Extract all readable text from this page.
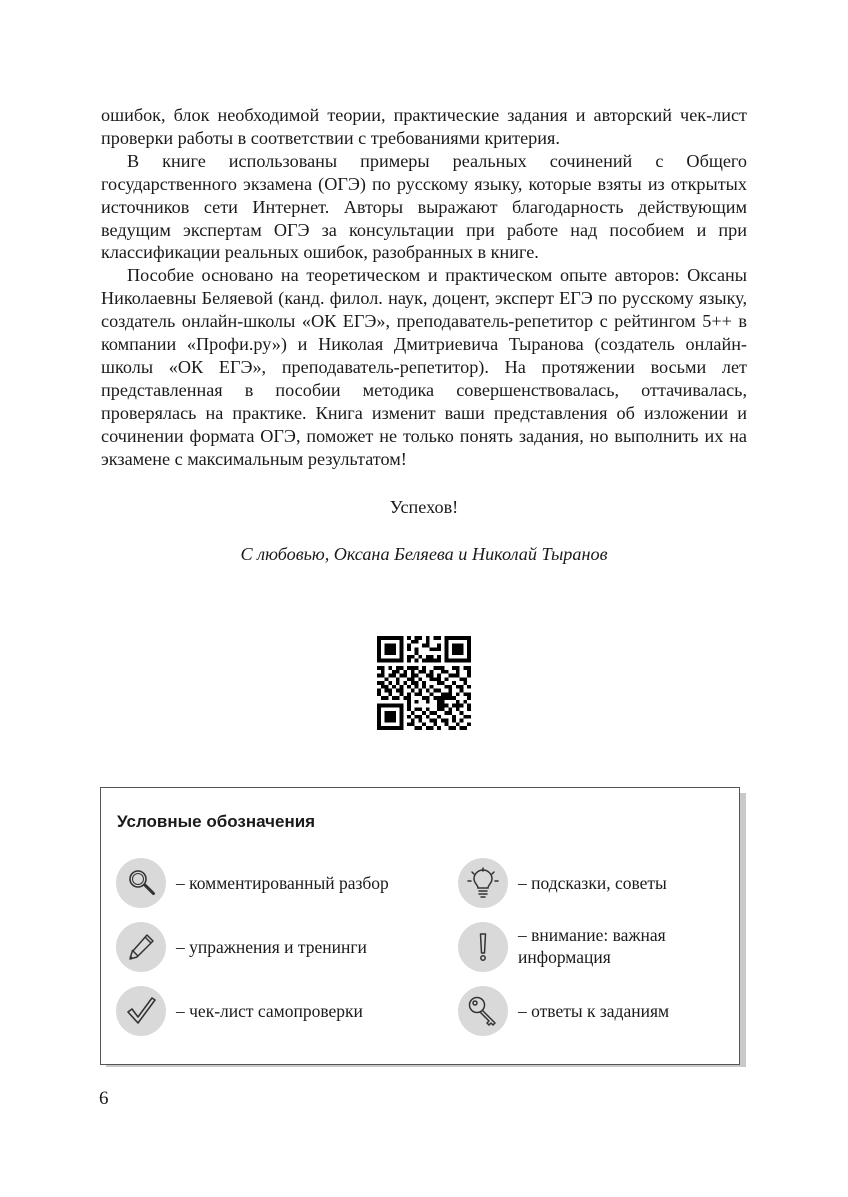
ошибок, блок необходимой теории, практические задания и авторский чек-лист проверки работы в соответствии с требованиями критерия.

В книге использованы примеры реальных сочинений с Общего государственного экзамена (ОГЭ) по русскому языку, которые взяты из открытых источников сети Интернет. Авторы выражают благодарность действующим ведущим экспертам ОГЭ за консультации при работе над пособием и при классификации реальных ошибок, разобранных в книге.

Пособие основано на теоретическом и практическом опыте авторов: Оксаны Николаевны Беляевой (канд. филол. наук, доцент, эксперт ЕГЭ по русскому языку, создатель онлайн-школы «ОК ЕГЭ», преподаватель-репетитор с рейтингом 5++ в компании «Профи.ру») и Николая Дмитриевича Тыранова (создатель онлайн-школы «ОК ЕГЭ», преподаватель-репетитор). На протяжении восьми лет представленная в пособии методика совершенствовалась, оттачивалась, проверялась на практике. Книга изменит ваши представления об изложении и сочинении формата ОГЭ, поможет не только понять задания, но выполнить их на экзамене с максимальным результатом!

Успехов!
С любовью, Оксана Беляева и Николай Тыранов
Условные обозначения
– комментированный разбор	– подсказки, советы
– упражнения и тренинги
– внимание: важная
информация
– чек-лист самопроверки	– ответы к заданиям
6
